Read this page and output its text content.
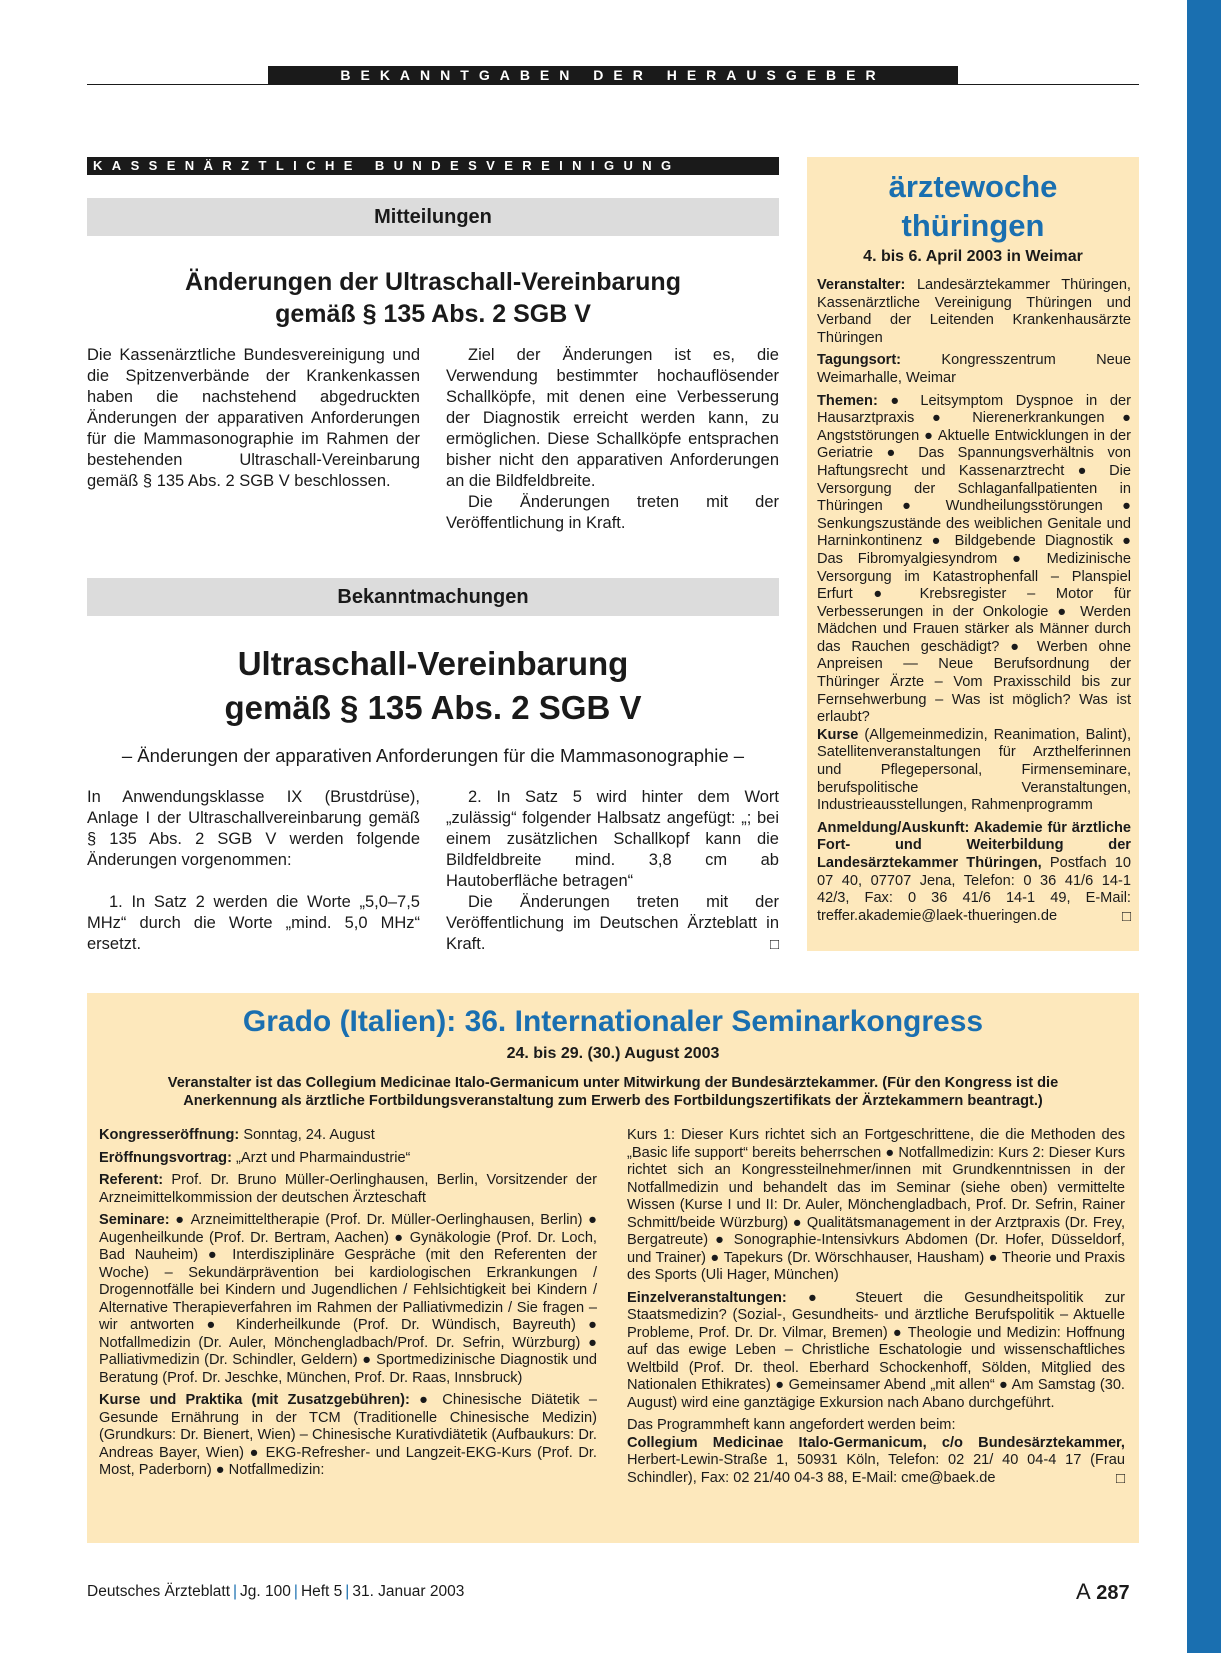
BEKANNTGABEN DER HERAUSGEBER
KASSENÄRZTLICHE BUNDESVEREINIGUNG
Mitteilungen
Änderungen der Ultraschall-Vereinbarung
gemäß § 135 Abs. 2 SGB V

Die Kassenärztliche Bundesvereinigung und die Spitzenverbände der Krankenkassen haben die nachstehend abgedruckten Änderungen der apparativen Anforderungen für die Mammasonographie im Rahmen der bestehenden Ultraschall-Vereinbarung gemäß § 135 Abs. 2 SGB V beschlossen.

Ziel der Änderungen ist es, die Verwendung bestimmter hochauflösender Schallköpfe, mit denen eine Verbesserung der Diagnostik erreicht werden kann, zu ermöglichen. Diese Schallköpfe entsprachen bisher nicht den apparativen Anforderungen an die Bildfeldbreite.

Die Änderungen treten mit der Veröffentlichung in Kraft.

Bekanntmachungen
Ultraschall-Vereinbarung
gemäß § 135 Abs. 2 SGB V
– Änderungen der apparativen Anforderungen für die Mammasonographie –

In Anwendungsklasse IX (Brustdrüse), Anlage I der Ultraschallvereinbarung gemäß § 135 Abs. 2 SGB V werden folgende Änderungen vorgenommen:

1. In Satz 2 werden die Worte „5,0–7,5 MHz“ durch die Worte „mind. 5,0 MHz“ ersetzt.

2. In Satz 5 wird hinter dem Wort „zulässig“ folgender Halbsatz angefügt: „; bei einem zusätzlichen Schallkopf kann die Bildfeldbreite mind. 3,8 cm ab Hautoberfläche betragen“

Die Änderungen treten mit der Veröffentlichung im Deutschen Ärzteblatt in Kraft.	□

ärztewoche
thüringen
4. bis 6. April 2003 in Weimar

Veranstalter: Landesärztekammer Thüringen, Kassenärztliche Vereinigung Thüringen und Verband der Leitenden Krankenhausärzte Thüringen

Tagungsort:	Kongresszentrum Neue Weimarhalle, Weimar

Themen: ● Leitsymptom Dyspnoe in der Hausarztpraxis ● Nierenerkrankungen ● Angststörungen ● Aktuelle Entwicklungen in der Geriatrie ● Das Spannungsverhältnis von Haftungsrecht und Kassenarztrecht ● Die Versorgung der Schlaganfallpatienten in Thüringen ● Wundheilungsstörungen ● Senkungszustände des weiblichen Genitale und Harninkontinenz ● Bildgebende Diagnostik ● Das Fibromyalgiesyndrom ● Medizinische Versorgung im Katastrophenfall – Planspiel Erfurt ● Krebsregister – Motor für Verbesserungen in der Onkologie ● Werden Mädchen und Frauen stärker als Männer durch das Rauchen geschädigt? ● Werben ohne Anpreisen — Neue Berufsordnung der Thüringer Ärzte – Vom Praxisschild bis zur Fernsehwerbung – Was ist möglich? Was ist erlaubt?

Kurse (Allgemeinmedizin, Reanimation, Balint), Satellitenveranstaltungen für Arzthelferinnen und Pflegepersonal, Firmenseminare, berufspolitische Veranstaltungen, Industrieausstellungen, Rahmenprogramm

Anmeldung/Auskunft: Akademie für ärztliche Fort- und Weiterbildung der Landesärztekammer Thüringen, Postfach 10 07 40, 07707 Jena, Telefon: 0 36 41/6 14-1 42/3, Fax: 0 36 41/6 14-1 49, E-Mail: treffer.akademie@laek-thueringen.de	□

Grado (Italien): 36. Internationaler Seminarkongress
24. bis 29. (30.) August 2003
Veranstalter ist das Collegium Medicinae Italo-Germanicum unter Mitwirkung der Bundesärztekammer. (Für den Kongress ist die Anerkennung als ärztliche Fortbildungsveranstaltung zum Erwerb des Fortbildungszertifikats der Ärztekammern beantragt.)

Kongresseröffnung: Sonntag, 24. August

Eröffnungsvortrag: „Arzt und Pharmaindustrie“

Referent: Prof. Dr. Bruno Müller-Oerlinghausen, Berlin, Vorsitzender der Arzneimittelkommission der deutschen Ärzteschaft

Seminare: ● Arzneimitteltherapie (Prof. Dr. Müller-Oerlinghausen, Berlin) ● Augenheilkunde (Prof. Dr. Bertram, Aachen) ● Gynäkologie (Prof. Dr. Loch, Bad Nauheim) ● Interdisziplinäre Gespräche (mit den Referenten der Woche) – Sekundärprävention bei kardiologischen Erkrankungen / Drogennotfälle bei Kindern und Jugendlichen / Fehlsichtigkeit bei Kindern / Alternative Therapieverfahren im Rahmen der Palliativmedizin / Sie fragen – wir antworten ● Kinderheilkunde (Prof. Dr. Wündisch, Bayreuth) ● Notfallmedizin (Dr. Auler, Mönchengladbach/Prof. Dr. Sefrin, Würzburg) ● Palliativmedizin (Dr. Schindler, Geldern) ● Sportmedizinische Diagnostik und Beratung (Prof. Dr. Jeschke, München, Prof. Dr. Raas, Innsbruck)

Kurse und Praktika (mit Zusatzgebühren): ● Chinesische Diätetik – Gesunde Ernährung in der TCM (Traditionelle Chinesische Medizin) (Grundkurs: Dr. Bienert, Wien) – Chinesische Kurativdiätetik (Aufbaukurs: Dr. Andreas Bayer, Wien) ● EKG-Refresher- und Langzeit-EKG-Kurs (Prof. Dr. Most, Paderborn) ● Notfallmedizin:

Kurs 1: Dieser Kurs richtet sich an Fortgeschrittene, die die Methoden des „Basic life support“ bereits beherrschen ● Notfallmedizin: Kurs 2: Dieser Kurs richtet sich an Kongressteilnehmer/innen mit Grundkenntnissen in der Notfallmedizin und behandelt das im Seminar (siehe oben) vermittelte Wissen (Kurse I und II: Dr. Auler, Mönchengladbach, Prof. Dr. Sefrin, Rainer Schmitt/beide Würzburg) ● Qualitätsmanagement in der Arztpraxis (Dr. Frey, Bergatreute) ● Sonographie-Intensivkurs Abdomen (Dr. Hofer, Düsseldorf, und Trainer) ● Tapekurs (Dr. Wörschhauser, Hausham) ● Theorie und Praxis des Sports (Uli Hager, München)

Einzelveranstaltungen: ● Steuert die Gesundheitspolitik zur Staatsmedizin? (Sozial-, Gesundheits- und ärztliche Berufspolitik – Aktuelle Probleme, Prof. Dr. Dr. Vilmar, Bremen) ● Theologie und Medizin: Hoffnung auf das ewige Leben – Christliche Eschatologie und wissenschaftliches Weltbild (Prof. Dr. theol. Eberhard Schockenhoff, Sölden, Mitglied des Nationalen Ethikrates) ● Gemeinsamer Abend „mit allen“ ● Am Samstag (30. August) wird eine ganztägige Exkursion nach Abano durchgeführt.

Das Programmheft kann angefordert werden beim:

Collegium Medicinae Italo-Germanicum, c/o Bundesärztekammer, Herbert-Lewin-Straße 1, 50931 Köln, Telefon: 02 21/ 40 04-4 17 (Frau Schindler), Fax: 02 21/40 04-3 88, E-Mail: cme@baek.de	□

Deutsches Ärzteblatt | Jg. 100 | Heft 5 | 31. Januar 2003	A 287
